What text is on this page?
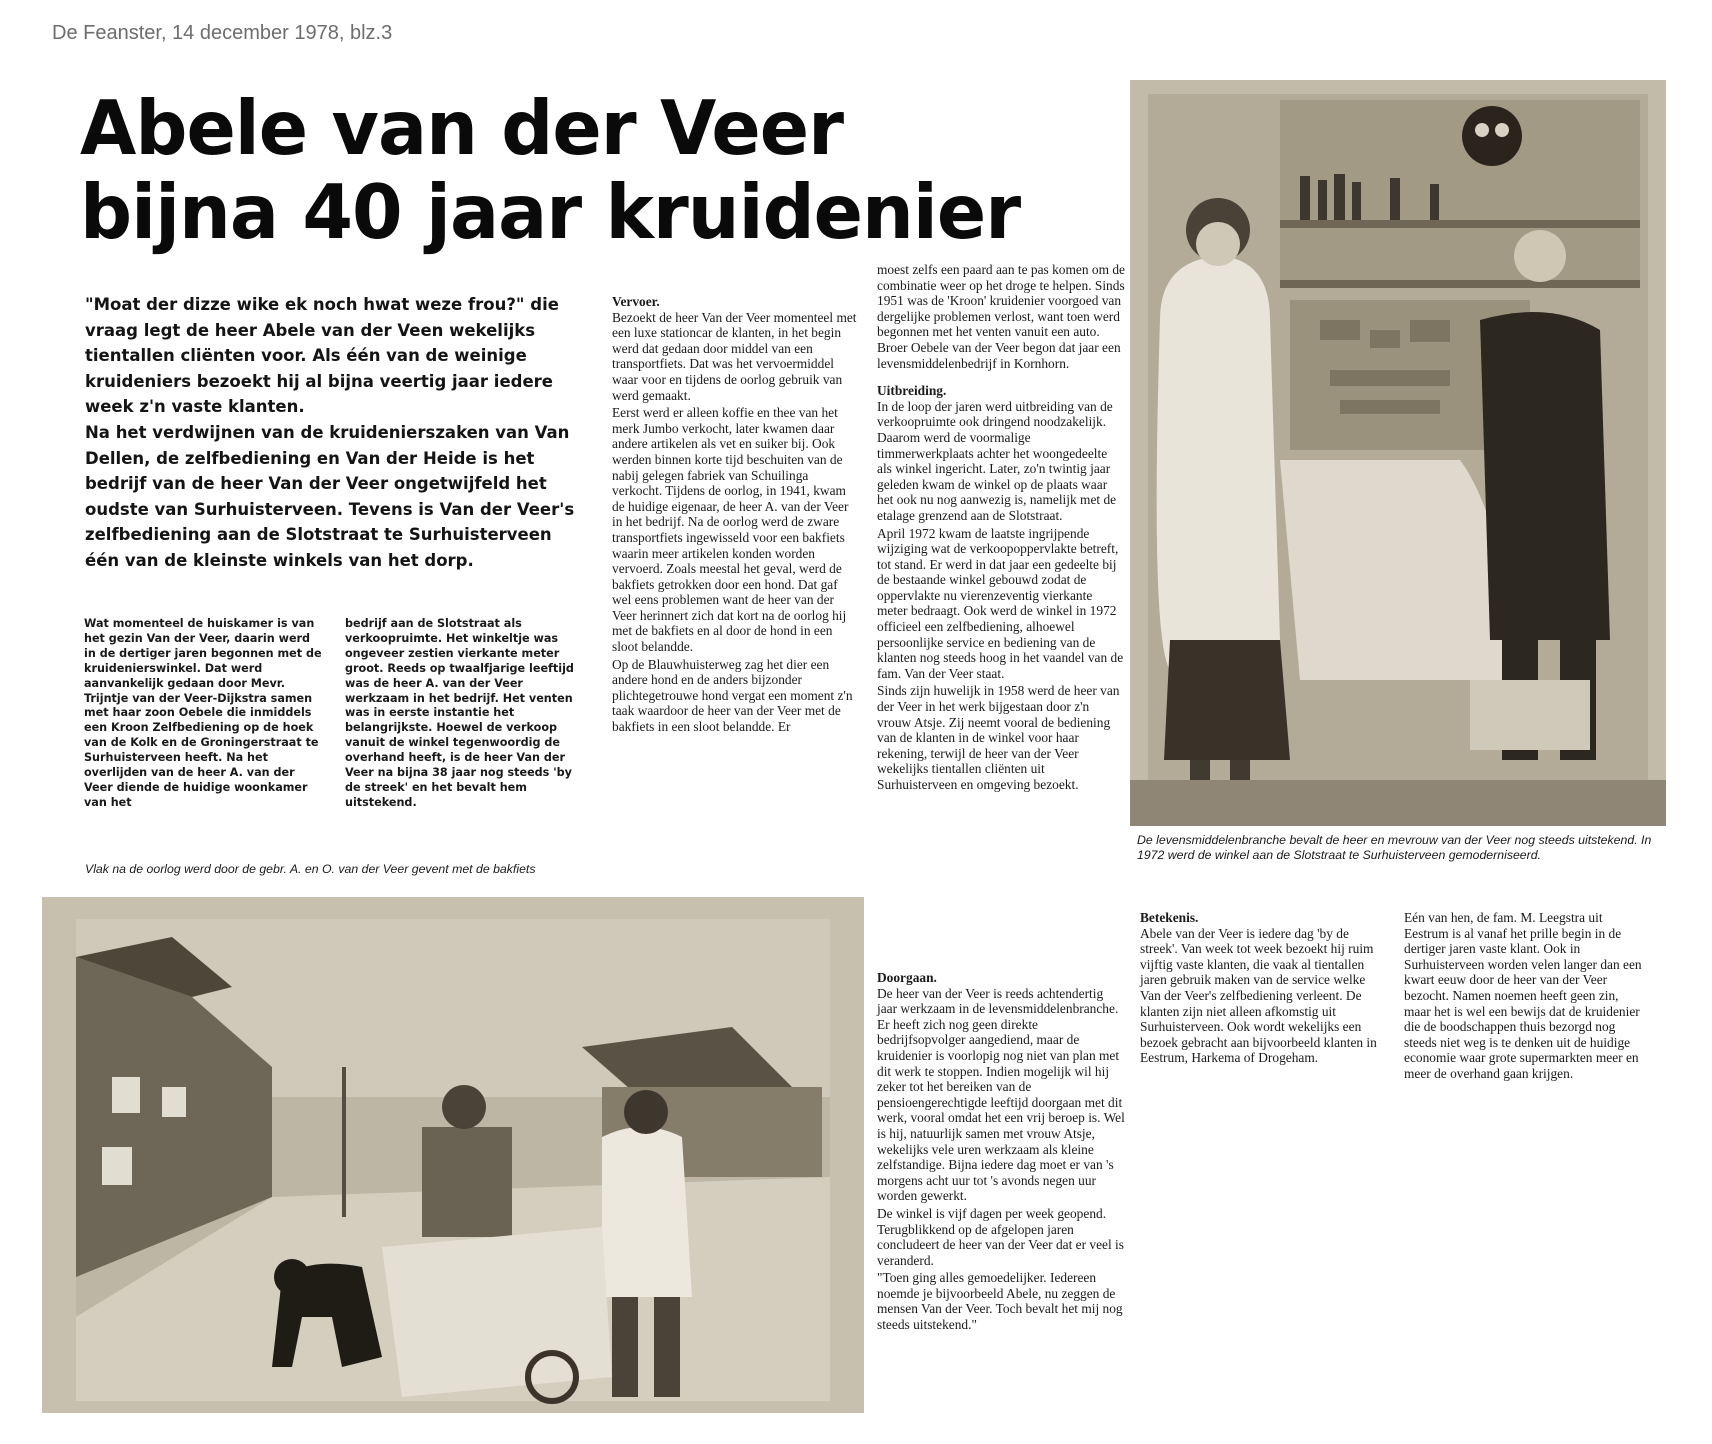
De Feanster, 14 december 1978, blz.3
Abele van der Veer
bijna 40 jaar kruidenier

"Moat der dizze wike ek noch hwat weze frou?" die vraag legt de heer Abele van der Veen wekelijks tientallen cliënten voor. Als één van de weinige kruideniers bezoekt hij al bijna veertig jaar iedere week z'n vaste klanten.

Na het verdwijnen van de kruidenierszaken van Van Dellen, de zelfbediening en Van der Heide is het bedrijf van de heer Van der Veer ongetwijfeld het oudste van Surhuisterveen. Tevens is Van der Veer's zelfbediening aan de Slotstraat te Surhuisterveen één van de kleinste winkels van het dorp.

Wat momenteel de huiskamer is van het gezin Van der Veer, daarin werd in de dertiger jaren begonnen met de kruidenierswinkel. Dat werd aanvankelijk gedaan door Mevr. Trijntje van der Veer-Dijkstra samen met haar zoon Oebele die inmiddels een Kroon Zelfbediening op de hoek van de Kolk en de Groningerstraat te Surhuisterveen heeft. Na het overlijden van de heer A. van der Veer diende de huidige woonkamer van het

bedrijf aan de Slotstraat als verkoopruimte. Het winkeltje was ongeveer zestien vierkante meter groot. Reeds op twaalfjarige leeftijd was de heer A. van der Veer werkzaam in het bedrijf. Het venten was in eerste instantie het belangrijkste. Hoewel de verkoop vanuit de winkel tegenwoordig de overhand heeft, is de heer Van der Veer na bijna 38 jaar nog steeds 'by de streek' en het bevalt hem uitstekend.

Vervoer.

Bezoekt de heer Van der Veer momenteel met een luxe stationcar de klanten, in het begin werd dat gedaan door middel van een transportfiets. Dat was het vervoermiddel waar voor en tijdens de oorlog gebruik van werd gemaakt.

Eerst werd er alleen koffie en thee van het merk Jumbo verkocht, later kwamen daar andere artikelen als vet en suiker bij. Ook werden binnen korte tijd beschuiten van de nabij gelegen fabriek van Schuilinga verkocht. Tijdens de oorlog, in 1941, kwam de huidige eigenaar, de heer A. van der Veer in het bedrijf. Na de oorlog werd de zware transportfiets ingewisseld voor een bakfiets waarin meer artikelen konden worden vervoerd. Zoals meestal het geval, werd de bakfiets getrokken door een hond. Dat gaf wel eens problemen want de heer van der Veer herinnert zich dat kort na de oorlog hij met de bakfiets en al door de hond in een sloot belandde.

Op de Blauwhuisterweg zag het dier een andere hond en de anders bijzonder plichtegetrouwe hond vergat een moment z'n taak waardoor de heer van der Veer met de bakfiets in een sloot belandde. Er

moest zelfs een paard aan te pas komen om de combinatie weer op het droge te helpen. Sinds 1951 was de 'Kroon' kruidenier voorgoed van dergelijke problemen verlost, want toen werd begonnen met het venten vanuit een auto. Broer Oebele van der Veer begon dat jaar een levensmiddelenbedrijf in Kornhorn.

Uitbreiding.

In de loop der jaren werd uitbreiding van de verkoopruimte ook dringend noodzakelijk. Daarom werd de voormalige timmerwerkplaats achter het woongedeelte als winkel ingericht. Later, zo'n twintig jaar geleden kwam de winkel op de plaats waar het ook nu nog aanwezig is, namelijk met de etalage grenzend aan de Slotstraat.

April 1972 kwam de laatste ingrijpende wijziging wat de verkoopoppervlakte betreft, tot stand. Er werd in dat jaar een gedeelte bij de bestaande winkel gebouwd zodat de oppervlakte nu vierenzeventig vierkante meter bedraagt. Ook werd de winkel in 1972 officieel een zelfbediening, alhoewel persoonlijke service en bediening van de klanten nog steeds hoog in het vaandel van de fam. Van der Veer staat.

Sinds zijn huwelijk in 1958 werd de heer van der Veer in het werk bijgestaan door z'n vrouw Atsje. Zij neemt vooral de bediening van de klanten in de winkel voor haar rekening, terwijl de heer van der Veer wekelijks tientallen cliënten uit Surhuisterveen en omgeving bezoekt.

Doorgaan.

De heer van der Veer is reeds achtendertig jaar werkzaam in de levensmiddelenbranche. Er heeft zich nog geen direkte bedrijfsopvolger aangediend, maar de kruidenier is voorlopig nog niet van plan met dit werk te stoppen. Indien mogelijk wil hij zeker tot het bereiken van de pensioengerechtigde leeftijd doorgaan met dit werk, vooral omdat het een vrij beroep is. Wel is hij, natuurlijk samen met vrouw Atsje, wekelijks vele uren werkzaam als kleine zelfstandige. Bijna iedere dag moet er van 's morgens acht uur tot 's avonds negen uur worden gewerkt.

De winkel is vijf dagen per week geopend. Terugblikkend op de afgelopen jaren concludeert de heer van der Veer dat er veel is veranderd.

"Toen ging alles gemoedelijker. Iedereen noemde je bijvoorbeeld Abele, nu zeggen de mensen Van der Veer. Toch bevalt het mij nog steeds uitstekend."

Betekenis.

Abele van der Veer is iedere dag 'by de streek'. Van week tot week bezoekt hij ruim vijftig vaste klanten, die vaak al tientallen jaren gebruik maken van de service welke Van der Veer's zelfbediening verleent. De klanten zijn niet alleen afkomstig uit Surhuisterveen. Ook wordt wekelijks een bezoek gebracht aan bijvoorbeeld klanten in Eestrum, Harkema of Drogeham.

Eén van hen, de fam. M. Leegstra uit Eestrum is al vanaf het prille begin in de dertiger jaren vaste klant. Ook in Surhuisterveen worden velen langer dan een kwart eeuw door de heer van der Veer bezocht. Namen noemen heeft geen zin, maar het is wel een bewijs dat de kruidenier die de boodschappen thuis bezorgd nog steeds niet weg is te denken uit de huidige economie waar grote supermarkten meer en meer de overhand gaan krijgen.

De levensmiddelenbranche bevalt de heer en mevrouw van der Veer nog steeds uitstekend. In 1972 werd de winkel aan de Slotstraat te Surhuisterveen gemoderniseerd.
Vlak na de oorlog werd door de gebr. A. en O. van der Veer gevent met de bakfiets
